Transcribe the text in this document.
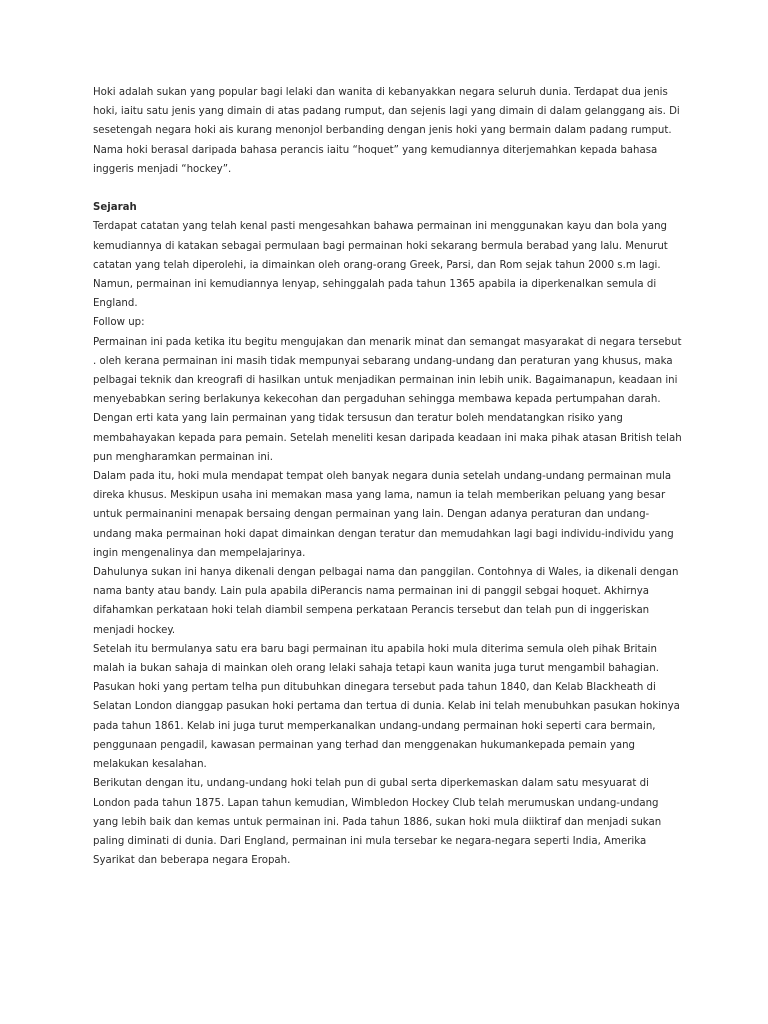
Hoki adalah sukan yang popular bagi lelaki dan wanita di kebanyakkan negara seluruh dunia. Terdapat dua jenis hoki, iaitu satu jenis yang dimain di atas padang rumput, dan sejenis lagi yang dimain di dalam gelanggang ais. Di sesetengah negara hoki ais kurang menonjol berbanding dengan jenis hoki yang bermain dalam padang rumput.

Nama hoki berasal daripada bahasa perancis iaitu “hoquet” yang kemudiannya diterjemahkan kepada bahasa inggeris menjadi “hockey”.

Sejarah

Terdapat catatan yang telah kenal pasti mengesahkan bahawa permainan ini menggunakan kayu dan bola yang kemudiannya di katakan sebagai permulaan bagi permainan hoki sekarang bermula berabad yang lalu. Menurut catatan yang telah diperolehi, ia dimainkan oleh orang-orang Greek, Parsi, dan Rom sejak tahun 2000 s.m lagi. Namun, permainan ini kemudiannya lenyap, sehinggalah pada tahun 1365 apabila ia diperkenalkan semula di England.

Follow up:

Permainan ini pada ketika itu begitu mengujakan dan menarik minat dan semangat masyarakat di negara tersebut . oleh kerana permainan ini masih tidak mempunyai sebarang undang-undang dan peraturan yang khusus, maka pelbagai teknik dan kreografi di hasilkan untuk menjadikan permainan inin lebih unik. Bagaimanapun, keadaan ini menyebabkan sering berlakunya kekecohan dan pergaduhan sehingga membawa kepada pertumpahan darah. Dengan erti kata yang lain permainan yang tidak tersusun dan teratur boleh mendatangkan risiko yang membahayakan kepada para pemain. Setelah meneliti kesan daripada keadaan ini maka pihak atasan British telah pun mengharamkan permainan ini.

Dalam pada itu, hoki mula mendapat tempat oleh banyak negara dunia setelah undang-undang permainan mula direka khusus. Meskipun usaha ini memakan masa yang lama, namun ia telah memberikan peluang yang besar untuk permainanini menapak bersaing dengan permainan yang lain. Dengan adanya peraturan dan undang-undang maka permainan hoki dapat dimainkan dengan teratur dan memudahkan lagi bagi individu-individu yang ingin mengenalinya dan mempelajarinya.

Dahulunya sukan ini hanya dikenali dengan pelbagai nama dan panggilan. Contohnya di Wales, ia dikenali dengan nama banty atau bandy. Lain pula apabila diPerancis nama permainan ini di panggil sebgai hoquet. Akhirnya difahamkan perkataan hoki telah diambil sempena perkataan Perancis tersebut dan telah pun di inggeriskan menjadi hockey.

Setelah itu bermulanya satu era baru bagi permainan itu apabila hoki mula diterima semula oleh pihak Britain malah ia bukan sahaja di mainkan oleh orang lelaki sahaja tetapi kaun wanita juga turut mengambil bahagian. Pasukan hoki yang pertam telha pun ditubuhkan dinegara tersebut pada tahun 1840, dan Kelab Blackheath di Selatan London dianggap pasukan hoki pertama dan tertua di dunia. Kelab ini telah menubuhkan pasukan hokinya pada tahun 1861. Kelab ini juga turut memperkanalkan undang-undang permainan hoki seperti cara bermain, penggunaan pengadil, kawasan permainan yang terhad dan menggenakan hukumankepada pemain yang melakukan kesalahan.

Berikutan dengan itu, undang-undang hoki telah pun di gubal serta diperkemaskan dalam satu mesyuarat di London pada tahun 1875. Lapan tahun kemudian, Wimbledon Hockey Club telah merumuskan undang-undang yang lebih baik dan kemas untuk permainan ini. Pada tahun 1886, sukan hoki mula diiktiraf dan menjadi sukan paling diminati di dunia. Dari England, permainan ini mula tersebar ke negara-negara seperti India, Amerika Syarikat dan beberapa negara Eropah.
